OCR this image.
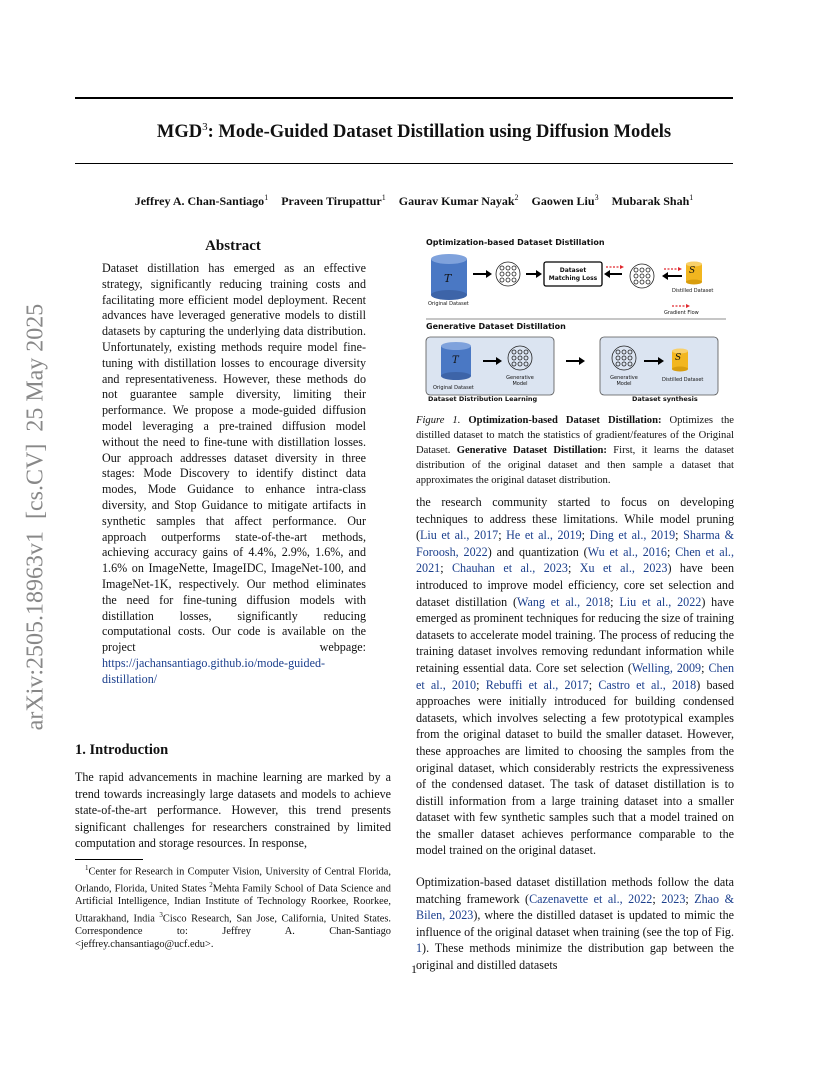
MGD$^3$: Mode-Guided Dataset Distillation using Diffusion Models
Jeffrey A. Chan-Santiago$^1$ Praveen Tirupattur$^1$ Gaurav Kumar Nayak$^2$ Gaowen Liu$^3$ Mubarak Shah$^1$
arXiv:2505.18963v1  [cs.CV]  25 May 2025
Abstract
Dataset distillation has emerged as an effective strategy, significantly reducing training costs and facilitating more efficient model deployment. Recent advances have leveraged generative models to distill datasets by capturing the underlying data distribution. Unfortunately, existing methods require model fine-tuning with distillation losses to encourage diversity and representativeness. However, these methods do not guarantee sample diversity, limiting their performance. We propose a mode-guided diffusion model leveraging a pre-trained diffusion model without the need to fine-tune with distillation losses. Our approach addresses dataset diversity in three stages: Mode Discovery to identify distinct data modes, Mode Guidance to enhance intra-class diversity, and Stop Guidance to mitigate artifacts in synthetic samples that affect performance. Our approach outperforms state-of-the-art methods, achieving accuracy gains of 4.4%, 2.9%, 1.6%, and 1.6% on ImageNette, ImageIDC, ImageNet-100, and ImageNet-1K, respectively. Our method eliminates the need for fine-tuning diffusion models with distillation losses, significantly reducing computational costs. Our code is available on the project webpage: https://jachansantiago.github.io/mode-guided-distillation/
1. Introduction
The rapid advancements in machine learning are marked by a trend towards increasingly large datasets and models to achieve state-of-the-art performance. However, this trend presents significant challenges for researchers constrained by limited computation and storage resources. In response,
$^1$Center for Research in Computer Vision, University of Central Florida, Orlando, Florida, United States $^2$Mehta Family School of Data Science and Artificial Intelligence, Indian Institute of Technology Roorkee, Roorkee, Uttarakhand, India $^3$Cisco Research, San Jose, California, United States. Correspondence to: Jeffrey A. Chan-Santiago <jeffrey.chansantiago@ucf.edu>.
Optimization-based Dataset Distillation
T
Dataset
Matching Loss
S
Original Dataset
Distilled Dataset
Gradient Flow
Generative Dataset Distillation
T
Original Dataset
Generative
Model
Generative
Model
S
Distilled Dataset
Dataset Distribution Learning	Dataset synthesis
Figure 1. Optimization-based Dataset Distillation: Optimizes the distilled dataset to match the statistics of gradient/features of the Original Dataset. Generative Dataset Distillation: First, it learns the dataset distribution of the original dataset and then sample a dataset that approximates the original dataset distribution.
the research community started to focus on developing techniques to address these limitations. While model pruning (Liu et al., 2017; He et al., 2019; Ding et al., 2019; Sharma & Foroosh, 2022) and quantization (Wu et al., 2016; Chen et al., 2021; Chauhan et al., 2023; Xu et al., 2023) have been introduced to improve model efficiency, core set selection and dataset distillation (Wang et al., 2018; Liu et al., 2022) have emerged as prominent techniques for reducing the size of training datasets to accelerate model training. The process of reducing the training dataset involves removing redundant information while retaining essential data. Core set selection (Welling, 2009; Chen et al., 2010; Rebuffi et al., 2017; Castro et al., 2018) based approaches were initially introduced for building condensed datasets, which involves selecting a few prototypical examples from the original dataset to build the smaller dataset. However, these approaches are limited to choosing the samples from the original dataset, which considerably restricts the expressiveness of the condensed dataset. The task of dataset distillation is to distill information from a large training dataset into a smaller dataset with few synthetic samples such that a model trained on the smaller dataset achieves performance comparable to the model trained on the original dataset.
Optimization-based dataset distillation methods follow the data matching framework (Cazenavette et al., 2022; 2023; Zhao & Bilen, 2023), where the distilled dataset is updated to mimic the influence of the original dataset when training (see the top of Fig. 1). These methods minimize the distribution gap between the original and distilled datasets
1
